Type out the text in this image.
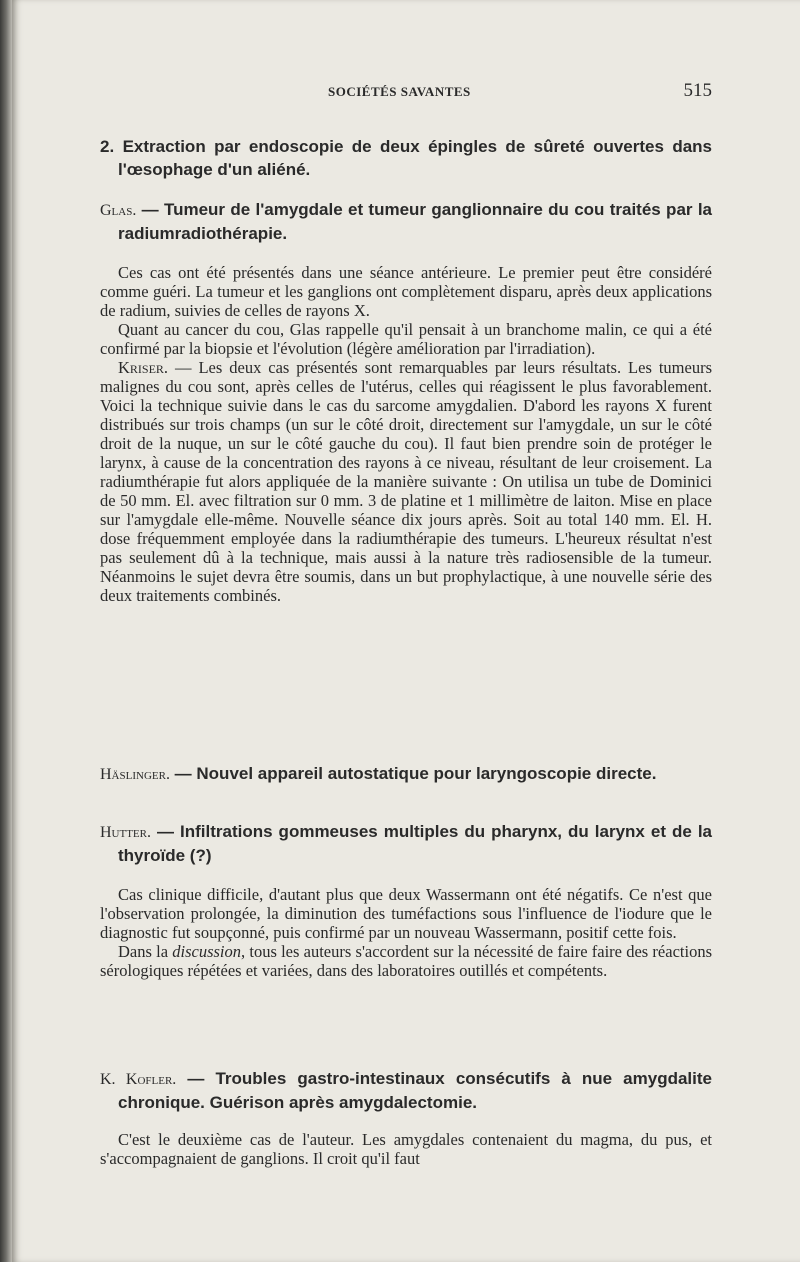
SOCIÉTÉS SAVANTES	515
2. Extraction par endoscopie de deux épingles de sûreté ouvertes dans l'œsophage d'un aliéné.
Glas. — Tumeur de l'amygdale et tumeur ganglionnaire du cou traités par la radiumradiothérapie.

Ces cas ont été présentés dans une séance antérieure. Le premier peut être considéré comme guéri. La tumeur et les ganglions ont complètement disparu, après deux applications de radium, suivies de celles de rayons X.

Quant au cancer du cou, Glas rappelle qu'il pensait à un branchome malin, ce qui a été confirmé par la biopsie et l'évolution (légère amélioration par l'irradiation).

Kriser. — Les deux cas présentés sont remarquables par leurs résultats. Les tumeurs malignes du cou sont, après celles de l'utérus, celles qui réagissent le plus favorablement. Voici la technique suivie dans le cas du sarcome amygdalien. D'abord les rayons X furent distribués sur trois champs (un sur le côté droit, directement sur l'amygdale, un sur le côté droit de la nuque, un sur le côté gauche du cou). Il faut bien prendre soin de protéger le larynx, à cause de la concentration des rayons à ce niveau, résultant de leur croisement. La radiumthérapie fut alors appliquée de la manière suivante : On utilisa un tube de Dominici de 50 mm. El. avec filtration sur 0 mm. 3 de platine et 1 millimètre de laiton. Mise en place sur l'amygdale elle-même. Nouvelle séance dix jours après. Soit au total 140 mm. El. H. dose fréquemment employée dans la radiumthérapie des tumeurs. L'heureux résultat n'est pas seulement dû à la technique, mais aussi à la nature très radiosensible de la tumeur. Néanmoins le sujet devra être soumis, dans un but prophylactique, à une nouvelle série des deux traitements combinés.

Häslinger. — Nouvel appareil autostatique pour laryngoscopie directe.
Hutter. — Infiltrations gommeuses multiples du pharynx, du larynx et de la thyroïde (?)

Cas clinique difficile, d'autant plus que deux Wassermann ont été négatifs. Ce n'est que l'observation prolongée, la diminution des tuméfactions sous l'influence de l'iodure que le diagnostic fut soupçonné, puis confirmé par un nouveau Wassermann, positif cette fois.

Dans la discussion, tous les auteurs s'accordent sur la nécessité de faire faire des réactions sérologiques répétées et variées, dans des laboratoires outillés et compétents.

K. Kofler. — Troubles gastro-intestinaux consécutifs à nue amygdalite chronique. Guérison après amygdalectomie.

C'est le deuxième cas de l'auteur. Les amygdales contenaient du magma, du pus, et s'accompagnaient de ganglions. Il croit qu'il faut
